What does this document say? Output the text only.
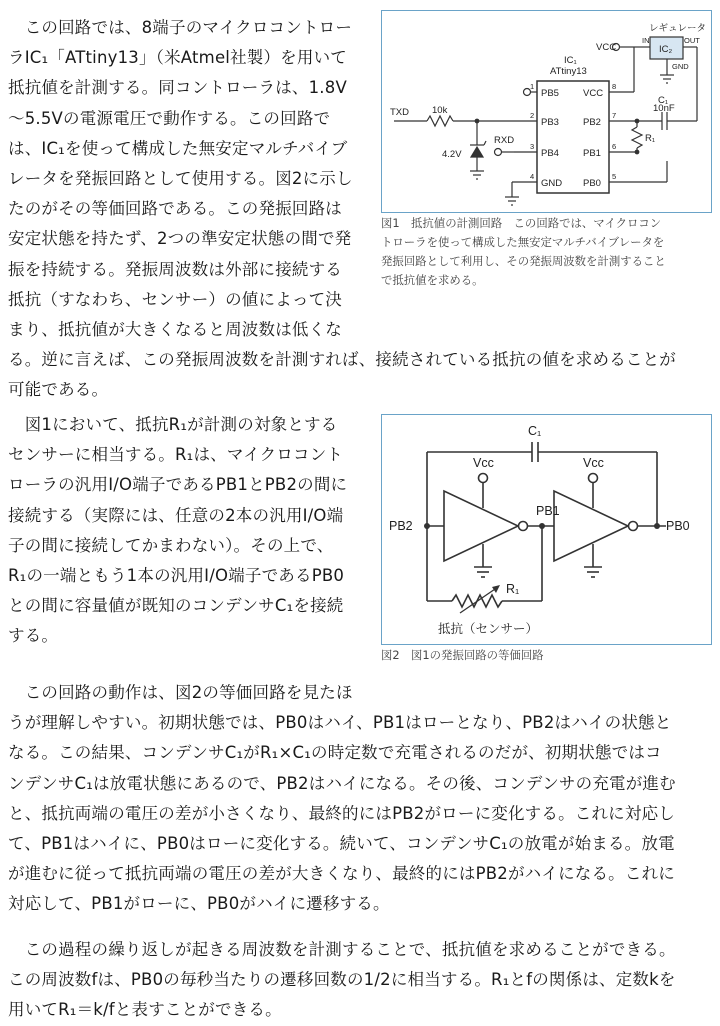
　この回路では、8端子のマイクロコントロー
ラIC₁「ATtiny13」（米Atmel社製）を用いて
抵抗値を計測する。同コントローラは、1.8V
〜5.5Vの電源電圧で動作する。この回路で
は、IC₁を使って構成した無安定マルチバイブ
レータを発振回路として使用する。図2に示し
たのがその等価回路である。この発振回路は
安定状態を持たず、2つの準安定状態の間で発
振を持続する。発振周波数は外部に接続する
抵抗（すなわち、センサー）の値によって決
まり、抵抗値が大きくなると周波数は低くな
る。逆に言えば、この発振周波数を計測すれば、接続されている抵抗の値を求めることが
可能である。

レギュレータ
IC₂
VCC
IN	OUT
GND
IC₁
ATtiny13
TXD 10k
4.2V
RXD
C₁
10nF
R₁
PB5
PB3
PB4
GND
VCC
PB2
PB1
PB0
1
2
3
4
8
7
6
5

図1　抵抗値の計測回路　この回路では、マイクロコン
トローラを使って構成した無安定マルチバイブレータを
発振回路として利用し、その発振周波数を計測すること
で抵抗値を求める。

　図1において、抵抗R₁が計測の対象とする
センサーに相当する。R₁は、マイクロコント
ローラの汎用I/O端子であるPB1とPB2の間に
接続する（実際には、任意の2本の汎用I/O端
子の間に接続してかまわない）。その上で、
R₁の一端ともう1本の汎用I/O端子であるPB0
との間に容量値が既知のコンデンサC₁を接続
する。

C₁
Vcc	Vcc
PB2
PB1
PB0
R₁
抵抗（センサー）

図2　図1の発振回路の等価回路

　この回路の動作は、図2の等価回路を見たほ
うが理解しやすい。初期状態では、PB0はハイ、PB1はローとなり、PB2はハイの状態と
なる。この結果、コンデンサC₁がR₁×C₁の時定数で充電されるのだが、初期状態ではコ
ンデンサC₁は放電状態にあるので、PB2はハイになる。その後、コンデンサの充電が進む
と、抵抗両端の電圧の差が小さくなり、最終的にはPB2がローに変化する。これに対応し
て、PB1はハイに、PB0はローに変化する。続いて、コンデンサC₁の放電が始まる。放電
が進むに従って抵抗両端の電圧の差が大きくなり、最終的にはPB2がハイになる。これに
対応して、PB1がローに、PB0がハイに遷移する。

　この過程の繰り返しが起きる周波数を計測することで、抵抗値を求めることができる。
この周波数fは、PB0の毎秒当たりの遷移回数の1/2に相当する。R₁とfの関係は、定数kを
用いてR₁＝k/fと表すことができる。
